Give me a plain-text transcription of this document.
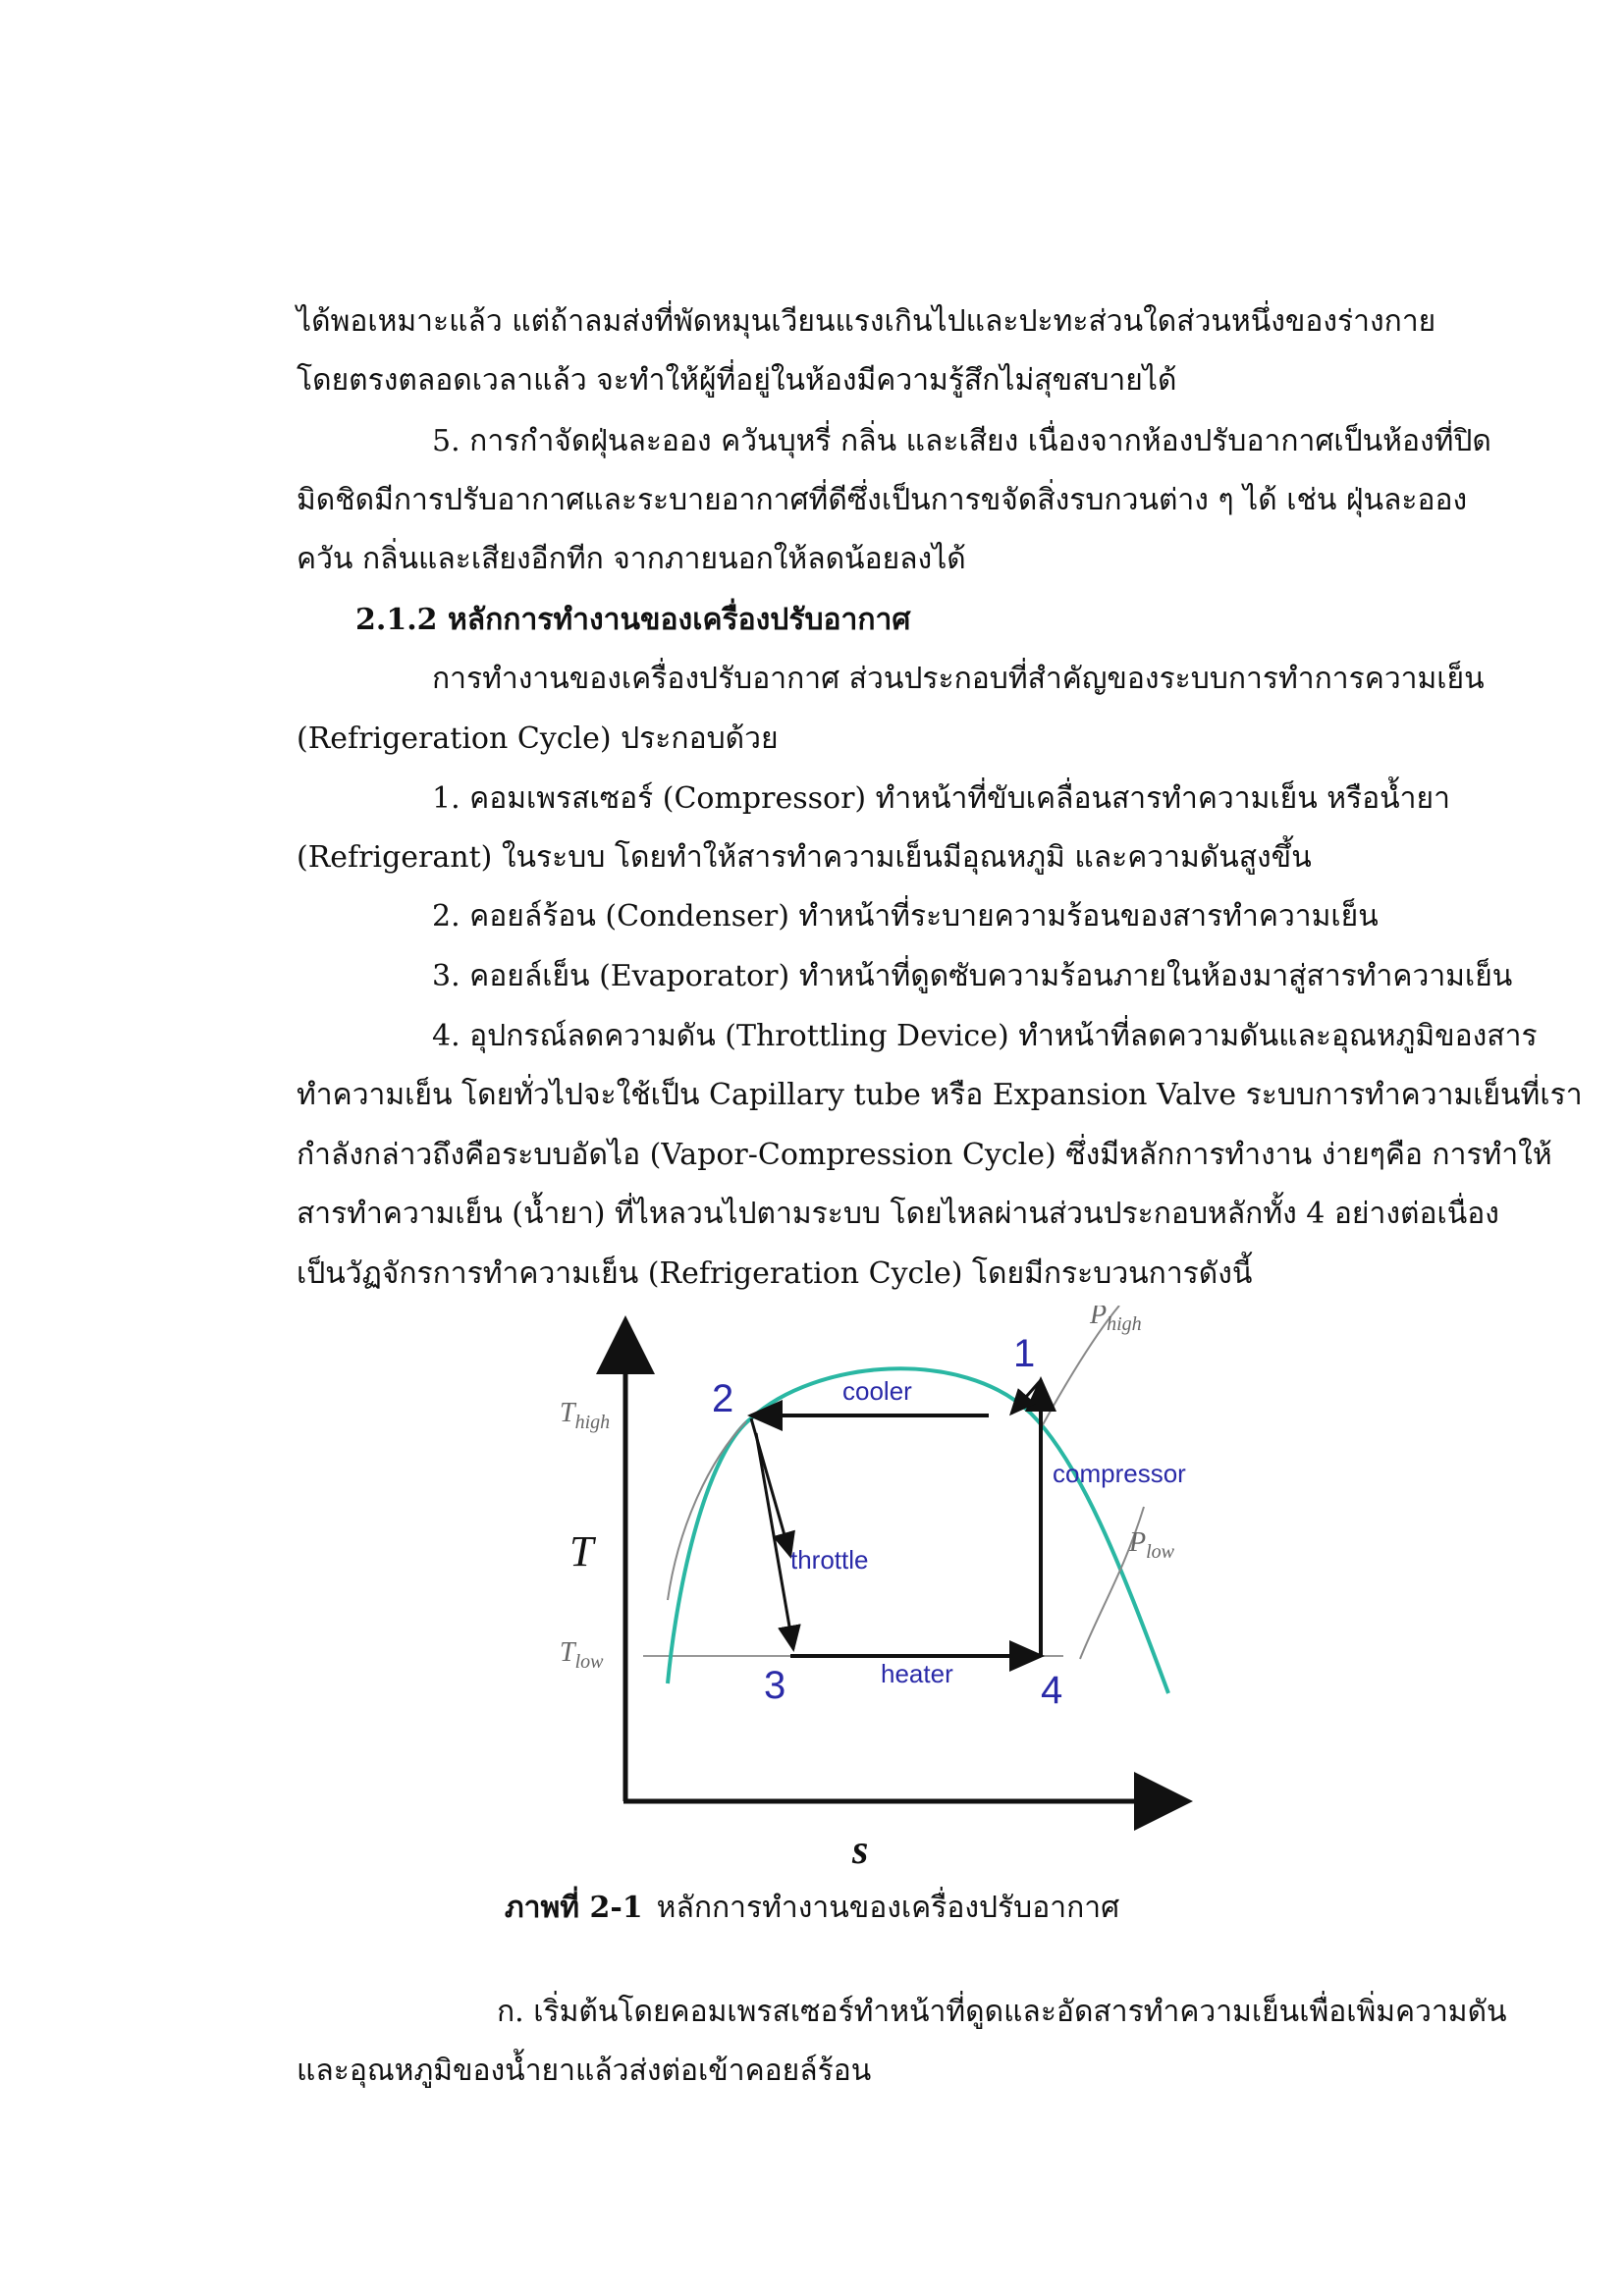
ได้พอเหมาะแล้ว แต่ถ้าลมส่งที่พัดหมุนเวียนแรงเกินไปและปะทะส่วนใดส่วนหนึ่งของร่างกาย
โดยตรงตลอดเวลาแล้ว จะทำให้ผู้ที่อยู่ในห้องมีความรู้สึกไม่สุขสบายได้
5. การกำจัดฝุ่นละออง ควันบุหรี่ กลิ่น และเสียง เนื่องจากห้องปรับอากาศเป็นห้องที่ปิด
มิดชิดมีการปรับอากาศและระบายอากาศที่ดีซึ่งเป็นการขจัดสิ่งรบกวนต่าง ๆ ได้ เช่น ฝุ่นละออง
ควัน กลิ่นและเสียงอีกทีก จากภายนอกให้ลดน้อยลงได้
2.1.2 หลักการทำงานของเครื่องปรับอากาศ
การทำงานของเครื่องปรับอากาศ ส่วนประกอบที่สำคัญของระบบการทำการความเย็น
(Refrigeration Cycle) ประกอบด้วย
1. คอมเพรสเซอร์ (Compressor) ทำหน้าที่ขับเคลื่อนสารทำความเย็น หรือน้ำยา
(Refrigerant) ในระบบ โดยทำให้สารทำความเย็นมีอุณหภูมิ และความดันสูงขึ้น
2. คอยล์ร้อน (Condenser) ทำหน้าที่ระบายความร้อนของสารทำความเย็น
3. คอยล์เย็น (Evaporator) ทำหน้าที่ดูดซับความร้อนภายในห้องมาสู่สารทำความเย็น
4. อุปกรณ์ลดความดัน (Throttling Device) ทำหน้าที่ลดความดันและอุณหภูมิของสาร
ทำความเย็น โดยทั่วไปจะใช้เป็น Capillary tube หรือ Expansion Valve ระบบการทำความเย็นที่เรา
กำลังกล่าวถึงคือระบบอัดไอ (Vapor-Compression Cycle) ซึ่งมีหลักการทำงาน ง่ายๆคือ การทำให้
สารทำความเย็น (น้ำยา) ที่ไหลวนไปตามระบบ โดยไหลผ่านส่วนประกอบหลักทั้ง 4 อย่างต่อเนื่อง
เป็นวัฏจักรการทำความเย็น (Refrigeration Cycle) โดยมีกระบวนการดังนี้
T
s
$T_{high}$
$T_{low}$
$P_{high}$
$P_{low}$
2
1
3	4
cooler
throttle
heater
compressor
ภาพที่ 2-1 หลักการทำงานของเครื่องปรับอากาศ
ก. เริ่มต้นโดยคอมเพรสเซอร์ทำหน้าที่ดูดและอัดสารทำความเย็นเพื่อเพิ่มความดัน
และอุณหภูมิของน้ำยาแล้วส่งต่อเข้าคอยล์ร้อน
